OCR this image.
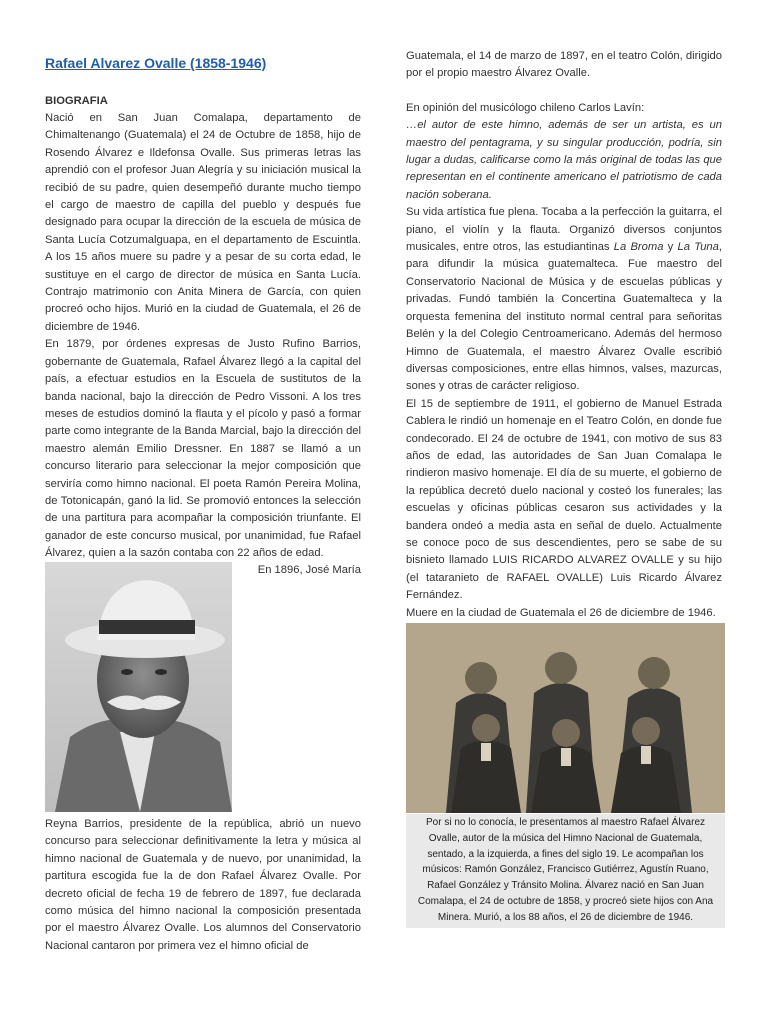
Rafael Alvarez Ovalle (1858-1946)
BIOGRAFIA

Nació en San Juan Comalapa, departamento de Chimaltenango (Guatemala) el 24 de Octubre de 1858, hijo de Rosendo Álvarez e Ildefonsa Ovalle. Sus primeras letras las aprendió con el profesor Juan Alegría y su iniciación musical la recibió de su padre, quien desempeñó durante mucho tiempo el cargo de maestro de capilla del pueblo y después fue designado para ocupar la dirección de la escuela de música de Santa Lucía Cotzumalguapa, en el departamento de Escuintla. A los 15 años muere su padre y a pesar de su corta edad, le sustituye en el cargo de director de música en Santa Lucía. Contrajo matrimonio con Anita Minera de García, con quien procreó ocho hijos. Murió en la ciudad de Guatemala, el 26 de diciembre de 1946.

En 1879, por órdenes expresas de Justo Rufino Barrios, gobernante de Guatemala, Rafael Álvarez llegó a la capital del país, a efectuar estudios en la Escuela de sustitutos de la banda nacional, bajo la dirección de Pedro Vissoni. A los tres meses de estudios dominó la flauta y el pícolo y pasó a formar parte como integrante de la Banda Marcial, bajo la dirección del maestro alemán Emilio Dressner. En 1887 se llamó a un concurso literario para seleccionar la mejor composición que serviría como himno nacional. El poeta Ramón Pereira Molina, de Totonicapán, ganó la lid. Se promovió entonces la selección de una partitura para acompañar la composición triunfante. El ganador de este concurso musical, por unanimidad, fue Rafael Álvarez, quien a la sazón contaba con 22 años de edad.

En 1896, José María

Reyna Barrios, presidente de la república, abrió un nuevo concurso para seleccionar definitivamente la letra y música al himno nacional de Guatemala y de nuevo, por unanimidad, la partitura escogida fue la de don Rafael Álvarez Ovalle. Por decreto oficial de fecha 19 de febrero de 1897, fue declarada como música del himno nacional la composición presentada por el maestro Álvarez Ovalle. Los alumnos del Conservatorio Nacional cantaron por primera vez el himno oficial de

Guatemala, el 14 de marzo de 1897, en el teatro Colón, dirigido por el propio maestro Álvarez Ovalle.

En opinión del musicólogo chileno Carlos Lavín:

…el autor de este himno, además de ser un artista, es un maestro del pentagrama, y su singular producción, podría, sin lugar a dudas, calificarse como la más original de todas las que representan en el continente americano el patriotismo de cada nación soberana.

Su vida artística fue plena. Tocaba a la perfección la guitarra, el piano, el violín y la flauta. Organizó diversos conjuntos musicales, entre otros, las estudiantinas La Broma y La Tuna, para difundir la música guatemalteca. Fue maestro del Conservatorio Nacional de Música y de escuelas públicas y privadas. Fundó también la Concertina Guatemalteca y la orquesta femenina del instituto normal central para señoritas Belén y la del Colegio Centroamericano. Además del hermoso Himno de Guatemala, el maestro Álvarez Ovalle escribió diversas composiciones, entre ellas himnos, valses, mazurcas, sones y otras de carácter religioso.

El 15 de septiembre de 1911, el gobierno de Manuel Estrada Cablera le rindió un homenaje en el Teatro Colón, en donde fue condecorado. El 24 de octubre de 1941, con motivo de sus 83 años de edad, las autoridades de San Juan Comalapa le rindieron masivo homenaje. El día de su muerte, el gobierno de la república decretó duelo nacional y costeó los funerales; las escuelas y oficinas públicas cesaron sus actividades y la bandera ondeó a media asta en señal de duelo. Actualmente se conoce poco de sus descendientes, pero se sabe de su bisnieto llamado LUIS RICARDO ALVAREZ OVALLE y su hijo (el tataranieto de RAFAEL OVALLE) Luis Ricardo Álvarez Fernández.

Muere en la ciudad de Guatemala el 26 de diciembre de 1946.

Por si no lo conocía, le presentamos al maestro Rafael Álvarez Ovalle, autor de la música del Himno Nacional de Guatemala, sentado, a la izquierda, a fines del siglo 19. Le acompañan los músicos: Ramón González, Francisco Gutiérrez, Agustín Ruano, Rafael González y Tránsito Molina. Álvarez nació en San Juan Comalapa, el 24 de octubre de 1858, y procreó siete hijos con Ana Minera. Murió, a los 88 años, el 26 de diciembre de 1946.
